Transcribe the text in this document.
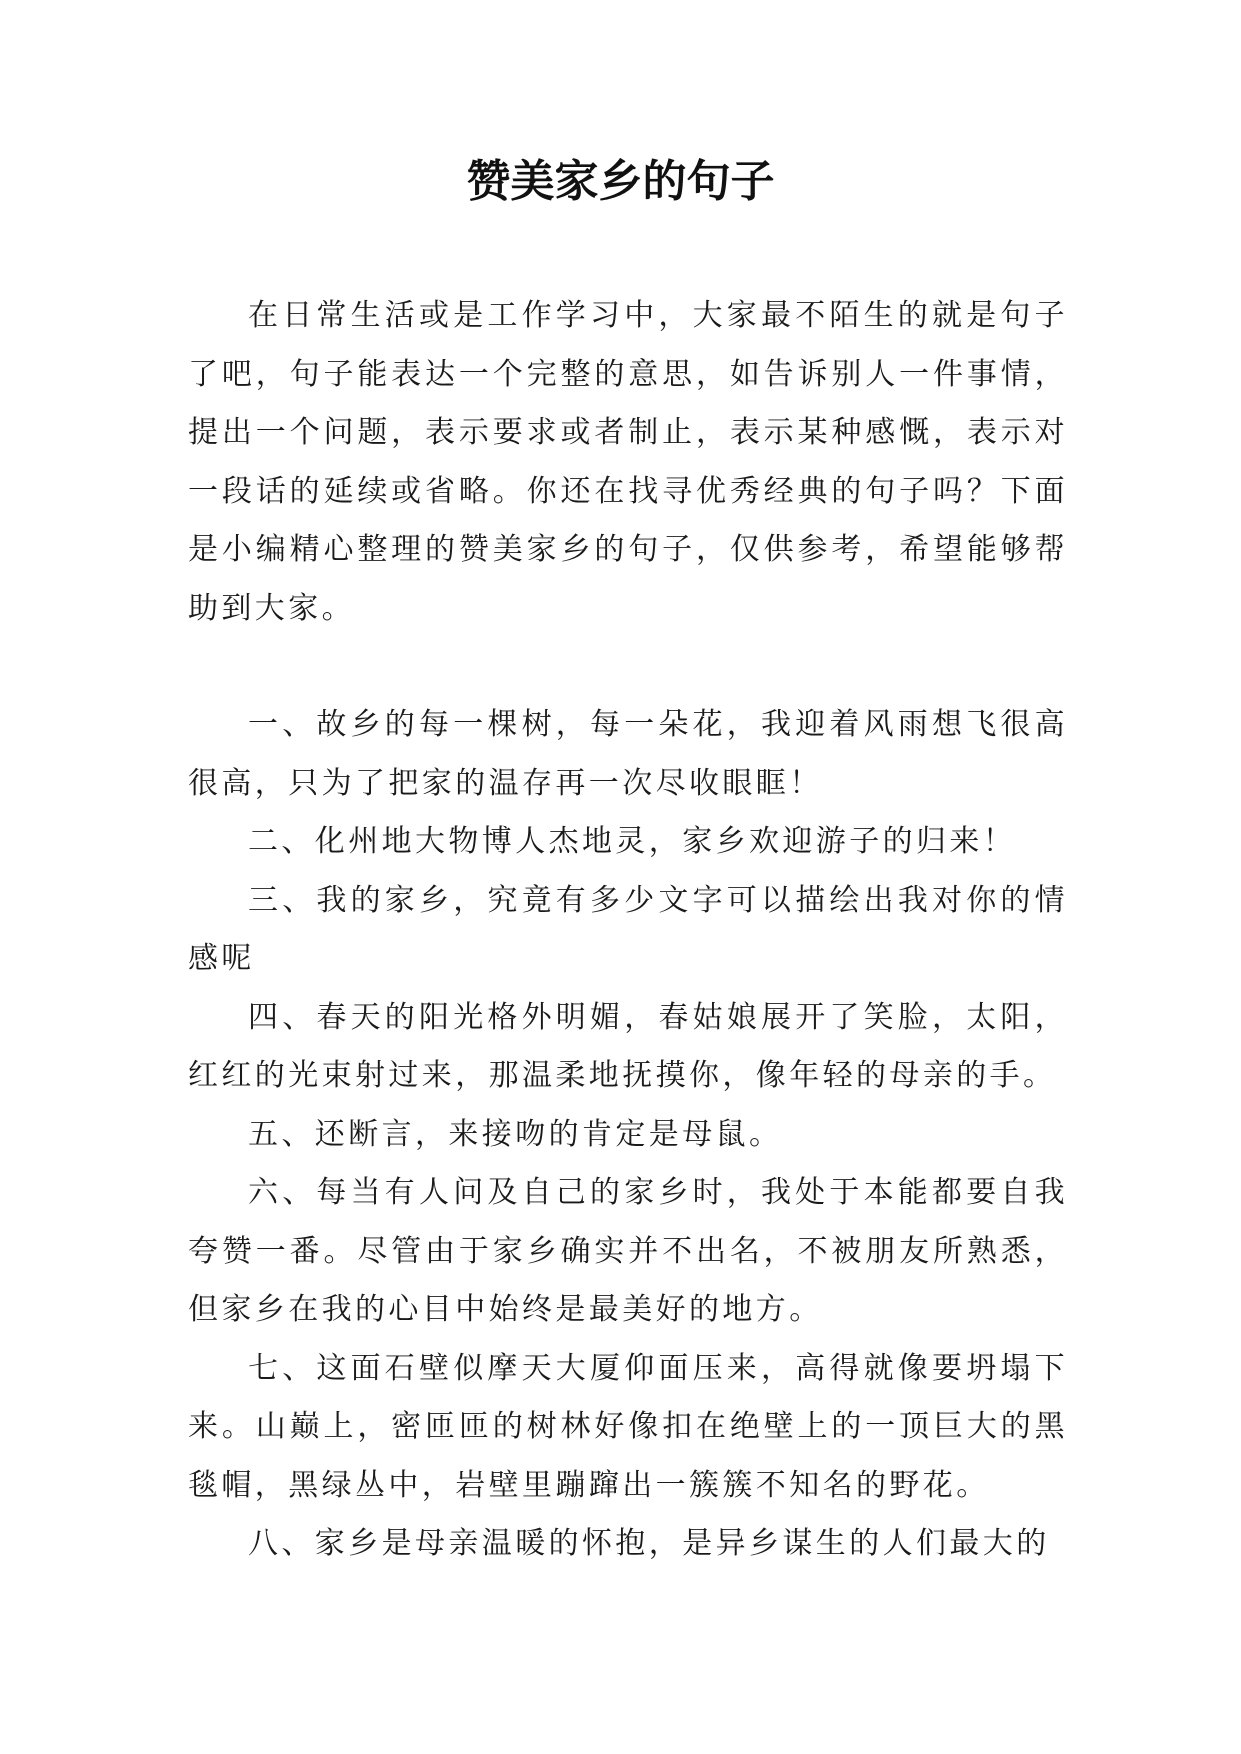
赞美家乡的句子

在日常生活或是工作学习中，大家最不陌生的就是句子了吧，句子能表达一个完整的意思，如告诉别人一件事情，提出一个问题，表示要求或者制止，表示某种感慨，表示对一段话的延续或省略。你还在找寻优秀经典的句子吗？下面是小编精心整理的赞美家乡的句子，仅供参考，希望能够帮助到大家。

一、故乡的每一棵树，每一朵花，我迎着风雨想飞很高很高，只为了把家的温存再一次尽收眼眶！

二、化州地大物博人杰地灵，家乡欢迎游子的归来！

三、我的家乡，究竟有多少文字可以描绘出我对你的情感呢

四、春天的阳光格外明媚，春姑娘展开了笑脸，太阳，红红的光束射过来，那温柔地抚摸你，像年轻的母亲的手。

五、还断言，来接吻的肯定是母鼠。

六、每当有人问及自己的家乡时，我处于本能都要自我夸赞一番。尽管由于家乡确实并不出名，不被朋友所熟悉，但家乡在我的心目中始终是最美好的地方。

七、这面石壁似摩天大厦仰面压来，高得就像要坍塌下来。山巅上，密匝匝的树林好像扣在绝壁上的一顶巨大的黑毯帽，黑绿丛中，岩壁里蹦蹿出一簇簇不知名的野花。

八、家乡是母亲温暖的怀抱，是异乡谋生的人们最大的
